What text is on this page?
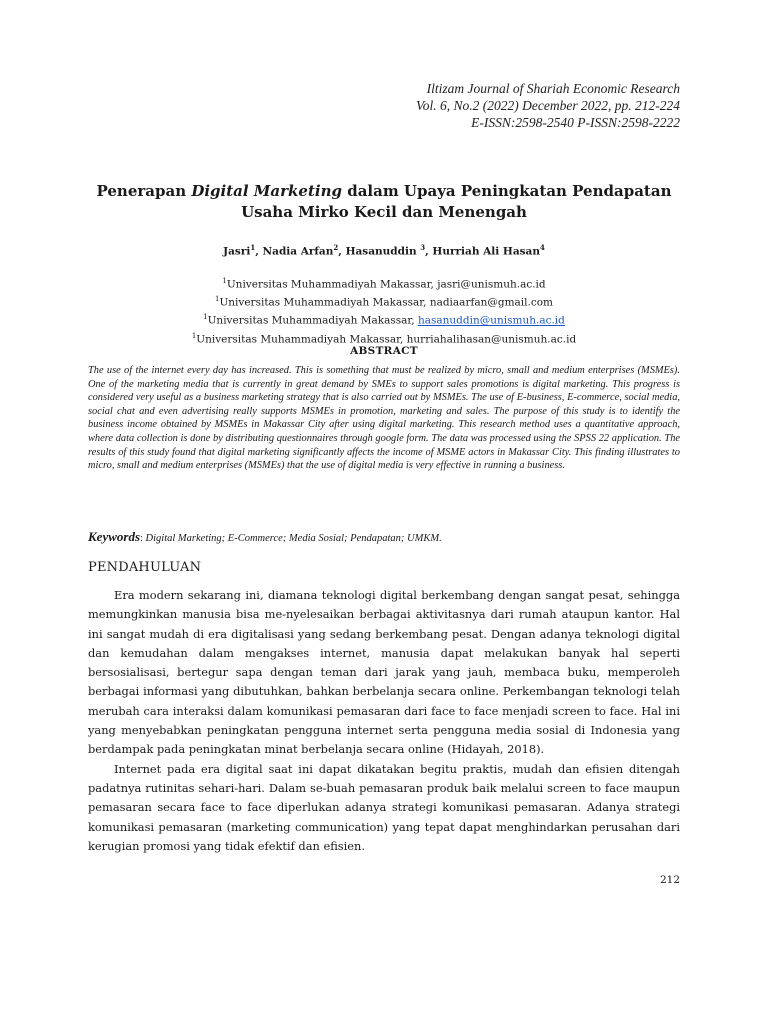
Iltizam Journal of Shariah Economic Research
Vol. 6, No.2 (2022) December 2022, pp. 212-224
E-ISSN:2598-2540 P-ISSN:2598-2222
Penerapan Digital Marketing dalam Upaya Peningkatan Pendapatan
Usaha Mirko Kecil dan Menengah
Jasri$^1$, Nadia Arfan$^2$, Hasanuddin $^3$, Hurriah Ali Hasan$^4$
$^1$Universitas Muhammadiyah Makassar, jasri@unismuh.ac.id
$^1$Universitas Muhammadiyah Makassar, nadiaarfan@gmail.com
$^1$Universitas Muhammadiyah Makassar, hasanuddin@unismuh.ac.id
$^1$Universitas Muhammadiyah Makassar, hurriahalihasan@unismuh.ac.id
ABSTRACT
The use of the internet every day has increased. This is something that must be realized by micro, small and medium enterprises (MSMEs). One of the marketing media that is currently in great demand by SMEs to support sales promotions is digital marketing. This progress is considered very useful as a business marketing strategy that is also carried out by MSMEs. The use of E-business, E-commerce, social media, social chat and even advertising really supports MSMEs in promotion, marketing and sales. The purpose of this study is to identify the business income obtained by MSMEs in Makassar City after using digital marketing. This research method uses a quantitative approach, where data collection is done by distributing questionnaires through google form. The data was processed using the SPSS 22 application. The results of this study found that digital marketing significantly affects the income of MSME actors in Makassar City. This finding illustrates to micro, small and medium enterprises (MSMEs) that the use of digital media is very effective in running a business.
Keywords: Digital Marketing; E-Commerce; Media Sosial; Pendapatan; UMKM.
PENDAHULUAN

Era modern sekarang ini, diamana teknologi digital berkembang dengan sangat pesat, sehingga memungkinkan manusia bisa me-nyelesaikan berbagai aktivitasnya dari rumah ataupun kantor. Hal ini sangat mudah di era digitalisasi yang sedang berkembang pesat. Dengan adanya teknologi digital dan kemudahan dalam mengakses internet, manusia dapat melakukan banyak hal seperti bersosialisasi, bertegur sapa dengan teman dari jarak yang jauh, membaca buku, memperoleh berbagai informasi yang dibutuhkan, bahkan berbelanja secara online. Perkembangan teknologi telah merubah cara interaksi dalam komunikasi pemasaran dari face to face menjadi screen to face. Hal ini yang menyebabkan peningkatan pengguna internet serta pengguna media sosial di Indonesia yang berdampak pada peningkatan minat berbelanja secara online (Hidayah, 2018).

Internet pada era digital saat ini dapat dikatakan begitu praktis, mudah dan efisien ditengah padatnya rutinitas sehari-hari. Dalam se-buah pemasaran produk baik melalui screen to face maupun pemasaran secara face to face diperlukan adanya strategi komunikasi pemasaran. Adanya strategi komunikasi pemasaran (marketing communication) yang tepat dapat menghindarkan perusahan dari kerugian promosi yang tidak efektif dan efisien.

212
